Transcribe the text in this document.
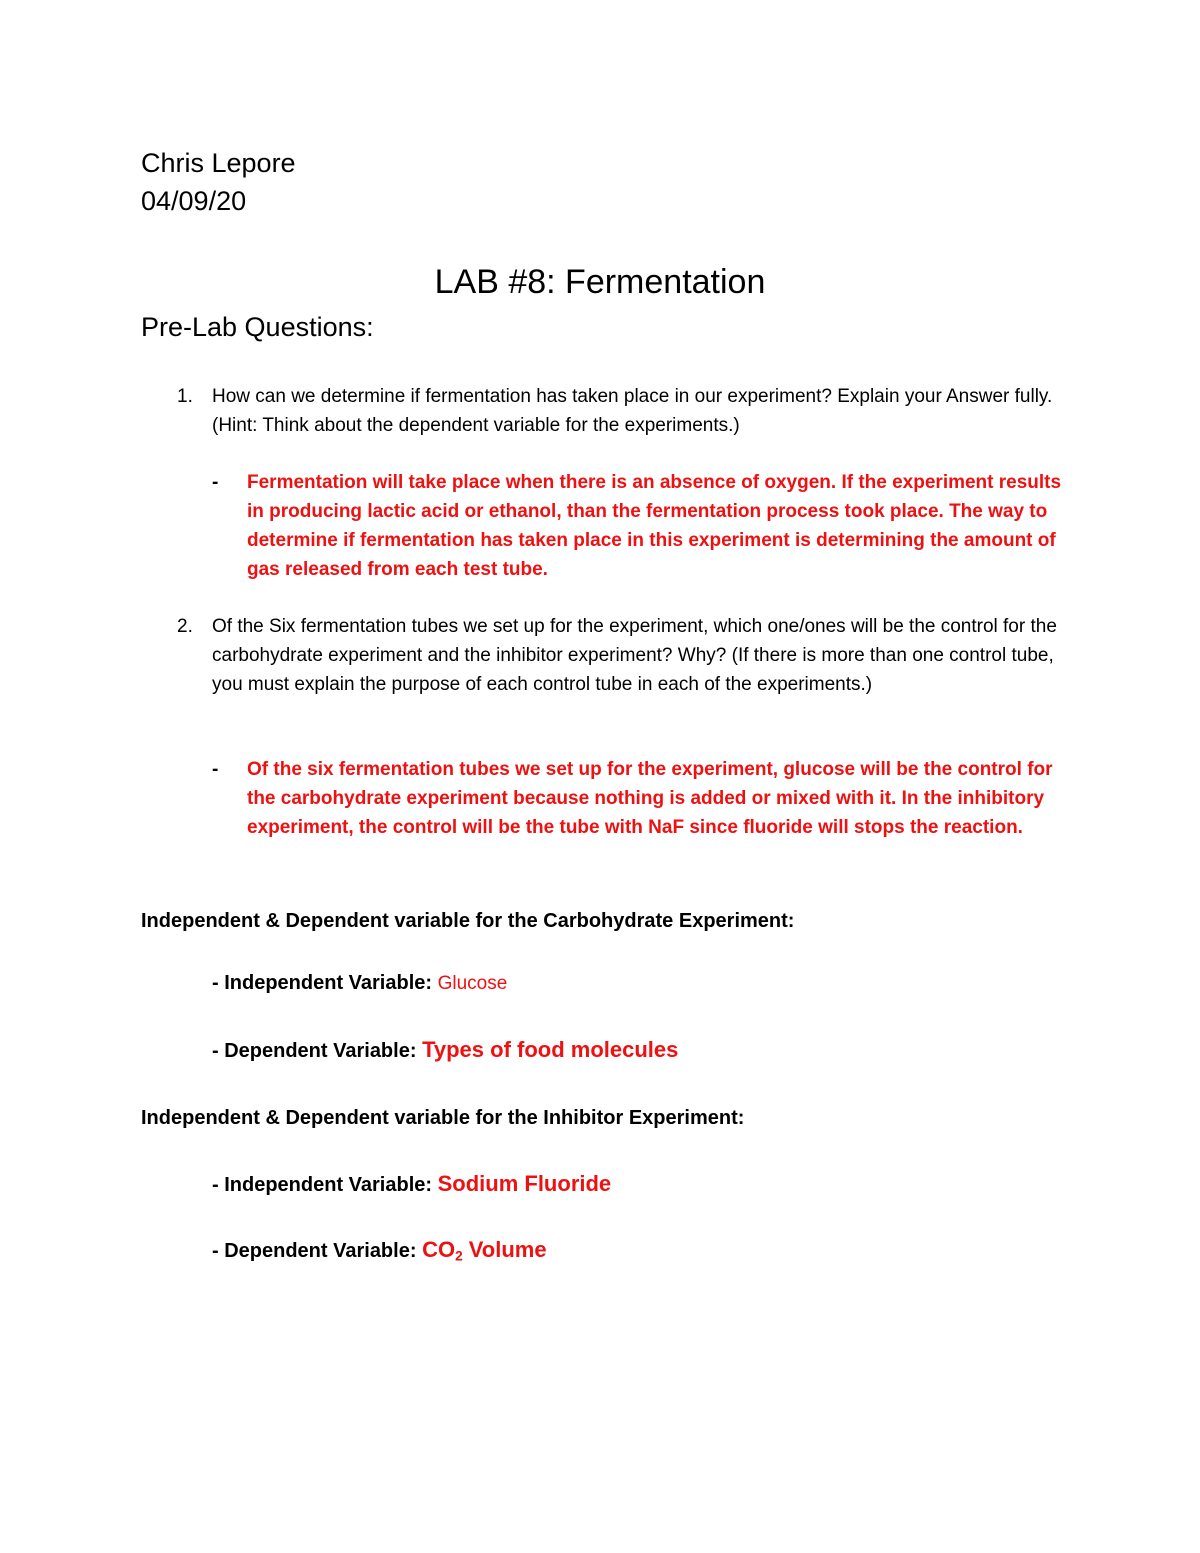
Chris Lepore
04/09/20
LAB #8: Fermentation
Pre-Lab Questions:
1. How can we determine if fermentation has taken place in our experiment? Explain your Answer fully. (Hint: Think about the dependent variable for the experiments.)
- Fermentation will take place when there is an absence of oxygen. If the experiment results in producing lactic acid or ethanol, than the fermentation process took place. The way to determine if fermentation has taken place in this experiment is determining the amount of gas released from each test tube.
2. Of the Six fermentation tubes we set up for the experiment, which one/ones will be the control for the carbohydrate experiment and the inhibitor experiment? Why? (If there is more than one control tube, you must explain the purpose of each control tube in each of the experiments.)
- Of the six fermentation tubes we set up for the experiment, glucose will be the control for the carbohydrate experiment because nothing is added or mixed with it. In the inhibitory experiment, the control will be the tube with NaF since fluoride will stops the reaction.
Independent & Dependent variable for the Carbohydrate Experiment:
- Independent Variable: Glucose
- Dependent Variable: Types of food molecules
Independent & Dependent variable for the Inhibitor Experiment:
- Independent Variable: Sodium Fluoride
- Dependent Variable: $CO_2$ Volume
